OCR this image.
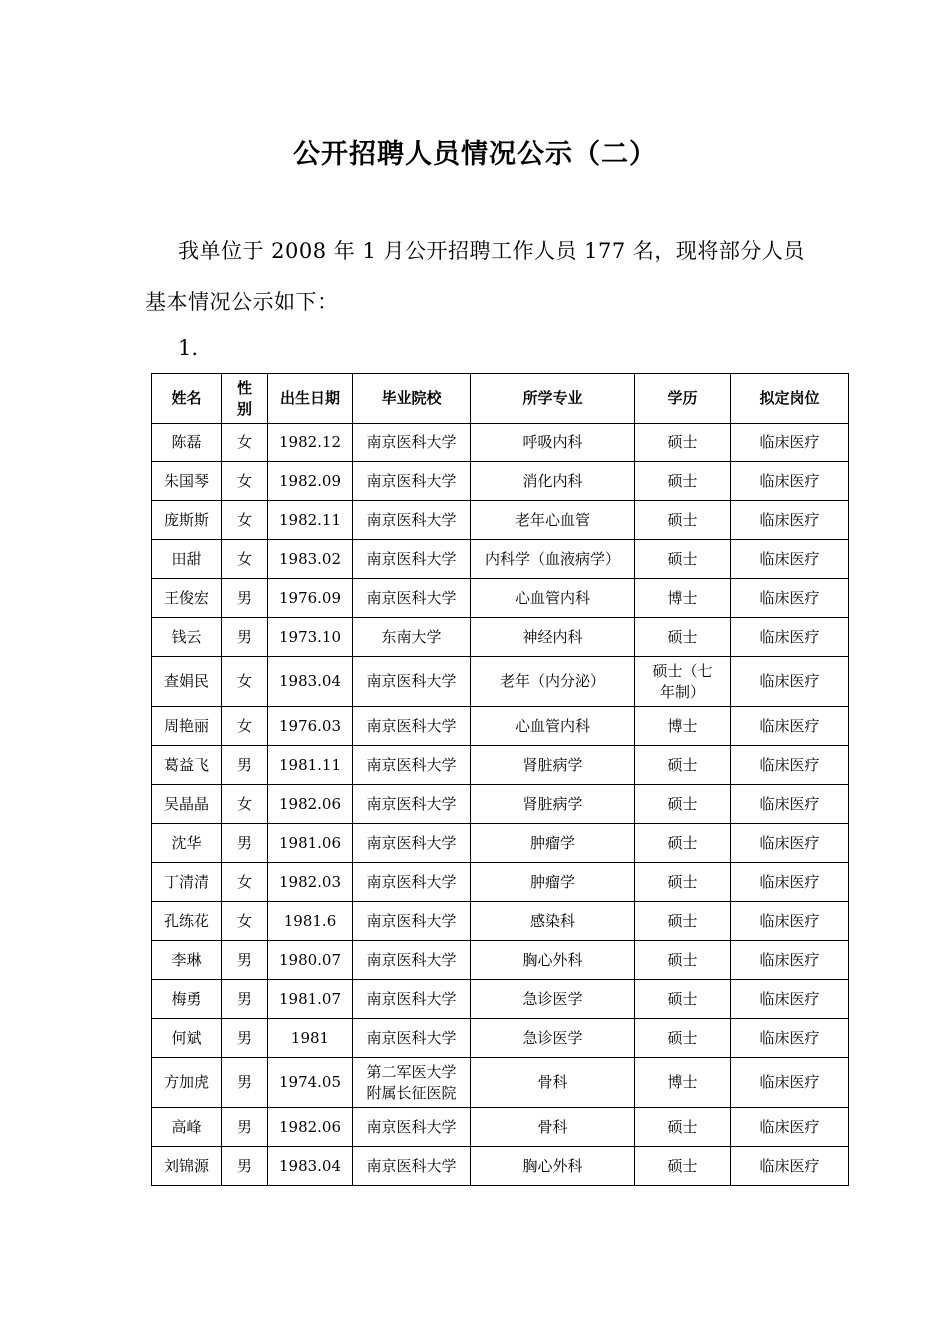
公开招聘人员情况公示（二）
我单位于 2008 年 1 月公开招聘工作人员 177 名，现将部分人员
基本情况公示如下：
1.
姓名	性别	出生日期	毕业院校	所学专业	学历	拟定岗位
陈磊	女	1982.12	南京医科大学	呼吸内科	硕士	临床医疗
朱国琴	女	1982.09	南京医科大学	消化内科	硕士	临床医疗
庞斯斯	女	1982.11	南京医科大学	老年心血管	硕士	临床医疗
田甜	女	1983.02	南京医科大学	内科学（血液病学）	硕士	临床医疗
王俊宏	男	1976.09	南京医科大学	心血管内科	博士	临床医疗
钱云	男	1973.10	东南大学	神经内科	硕士	临床医疗
查娟民	女	1983.04	南京医科大学	老年（内分泌）	硕士（七年制）	临床医疗
周艳丽	女	1976.03	南京医科大学	心血管内科	博士	临床医疗
葛益飞	男	1981.11	南京医科大学	肾脏病学	硕士	临床医疗
吴晶晶	女	1982.06	南京医科大学	肾脏病学	硕士	临床医疗
沈华	男	1981.06	南京医科大学	肿瘤学	硕士	临床医疗
丁清清	女	1982.03	南京医科大学	肿瘤学	硕士	临床医疗
孔练花	女	1981.6	南京医科大学	感染科	硕士	临床医疗
李琳	男	1980.07	南京医科大学	胸心外科	硕士	临床医疗
梅勇	男	1981.07	南京医科大学	急诊医学	硕士	临床医疗
何斌	男	1981	南京医科大学	急诊医学	硕士	临床医疗
方加虎	男	1974.05	第二军医大学附属长征医院	骨科	博士	临床医疗
高峰	男	1982.06	南京医科大学	骨科	硕士	临床医疗
刘锦源	男	1983.04	南京医科大学	胸心外科	硕士	临床医疗
